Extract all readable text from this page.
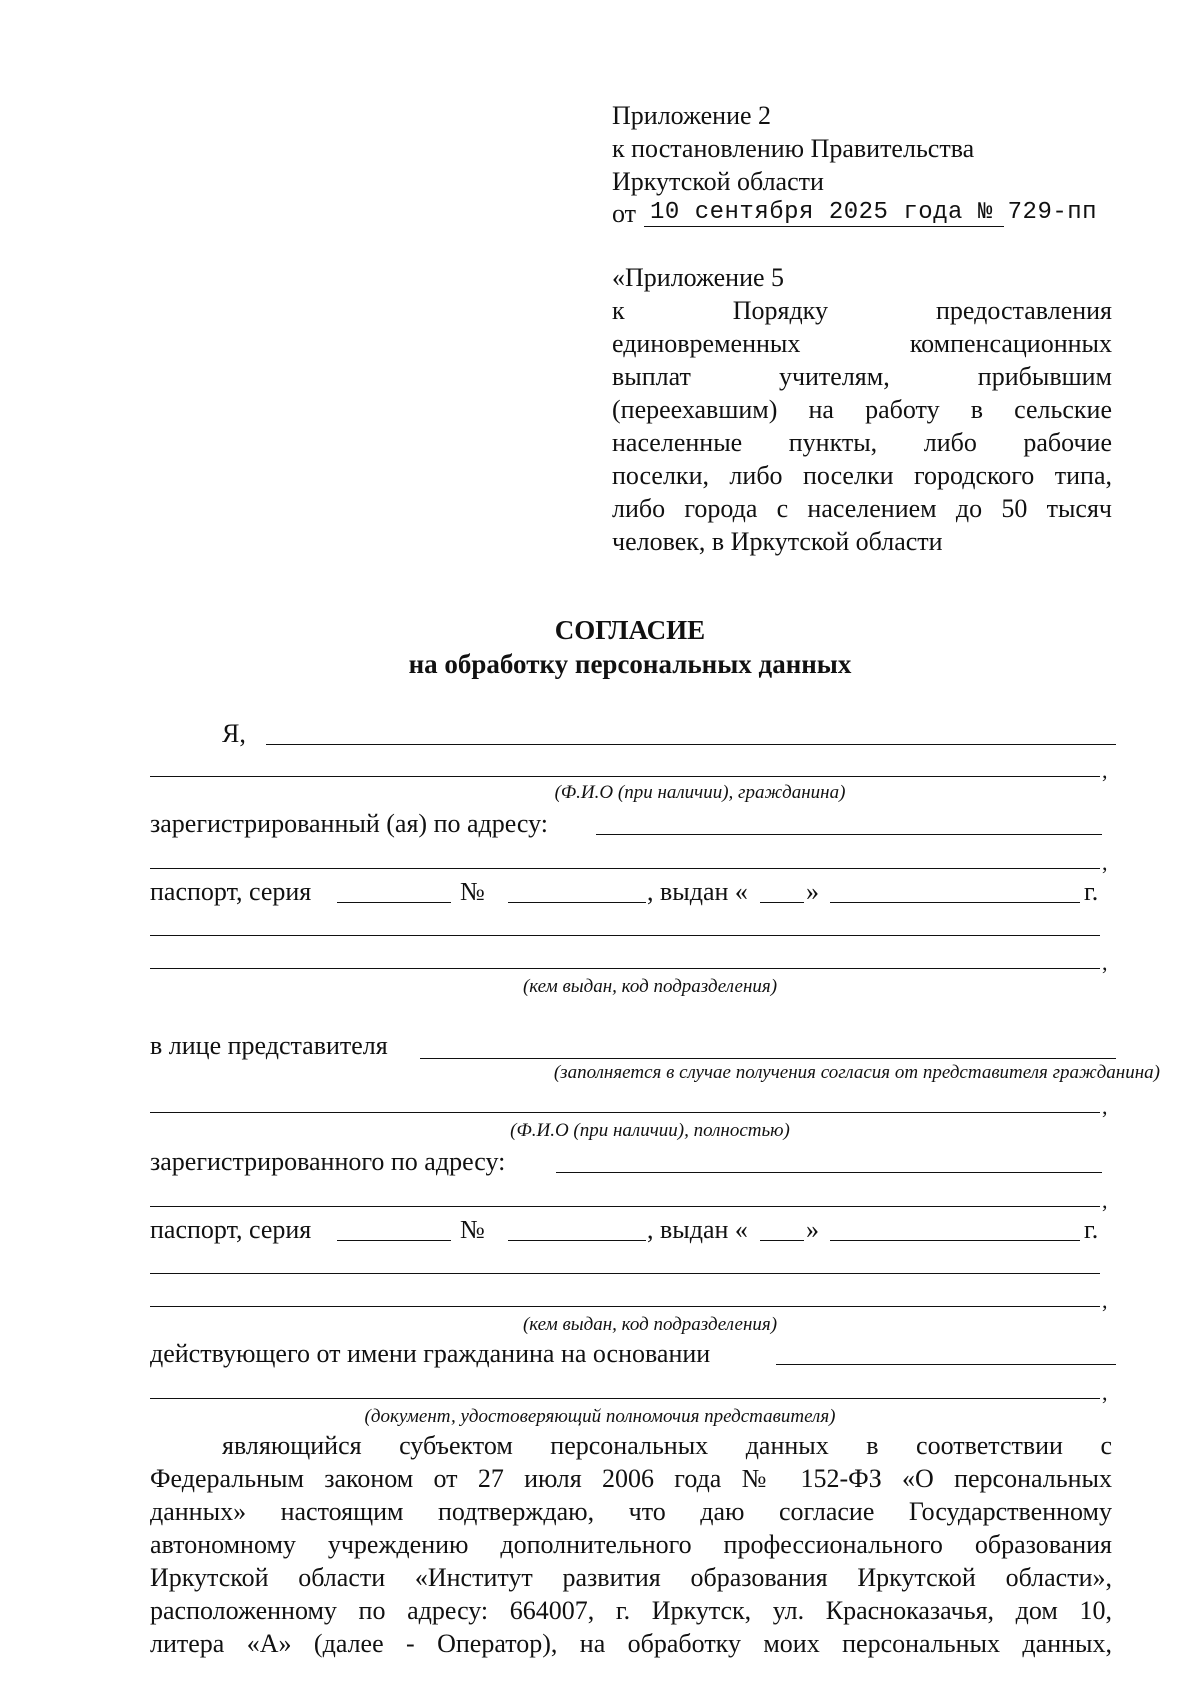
Приложение 2
к постановлению Правительства
Иркутской области
от 10 сентября 2025 года № 729-пп
«Приложение 5
к Порядку предоставления
единовременных компенсационных
выплат учителям, прибывшим
(переехавшим) на работу в сельские
населенные пункты, либо рабочие
поселки, либо поселки городского типа,
либо города с населением до 50 тысяч
человек, в Иркутской области
СОГЛАСИЕ
на обработку персональных данных
Я,
,
(Ф.И.О (при наличии), гражданина)
зарегистрированный (ая) по адресу:
,
паспорт, серия	№	, выдан « »	г.
,
(кем выдан, код подразделения)
в лице представителя
(заполняется в случае получения согласия от представителя гражданина)
,
(Ф.И.О (при наличии), полностью)
зарегистрированного по адресу:
,
паспорт, серия	№	, выдан « »	г.
,
(кем выдан, код подразделения)
действующего от имени гражданина на основании
,
(документ, удостоверяющий полномочия представителя)
являющийся субъектом персональных данных в соответствии с
Федеральным законом от 27 июля 2006 года № 152-ФЗ «О персональных
данных» настоящим подтверждаю, что даю согласие Государственному
автономному учреждению дополнительного профессионального образования
Иркутской области «Институт развития образования Иркутской области»,
расположенному по адресу: 664007, г. Иркутск, ул. Красноказачья, дом 10,
литера «А» (далее - Оператор), на обработку моих персональных данных,
